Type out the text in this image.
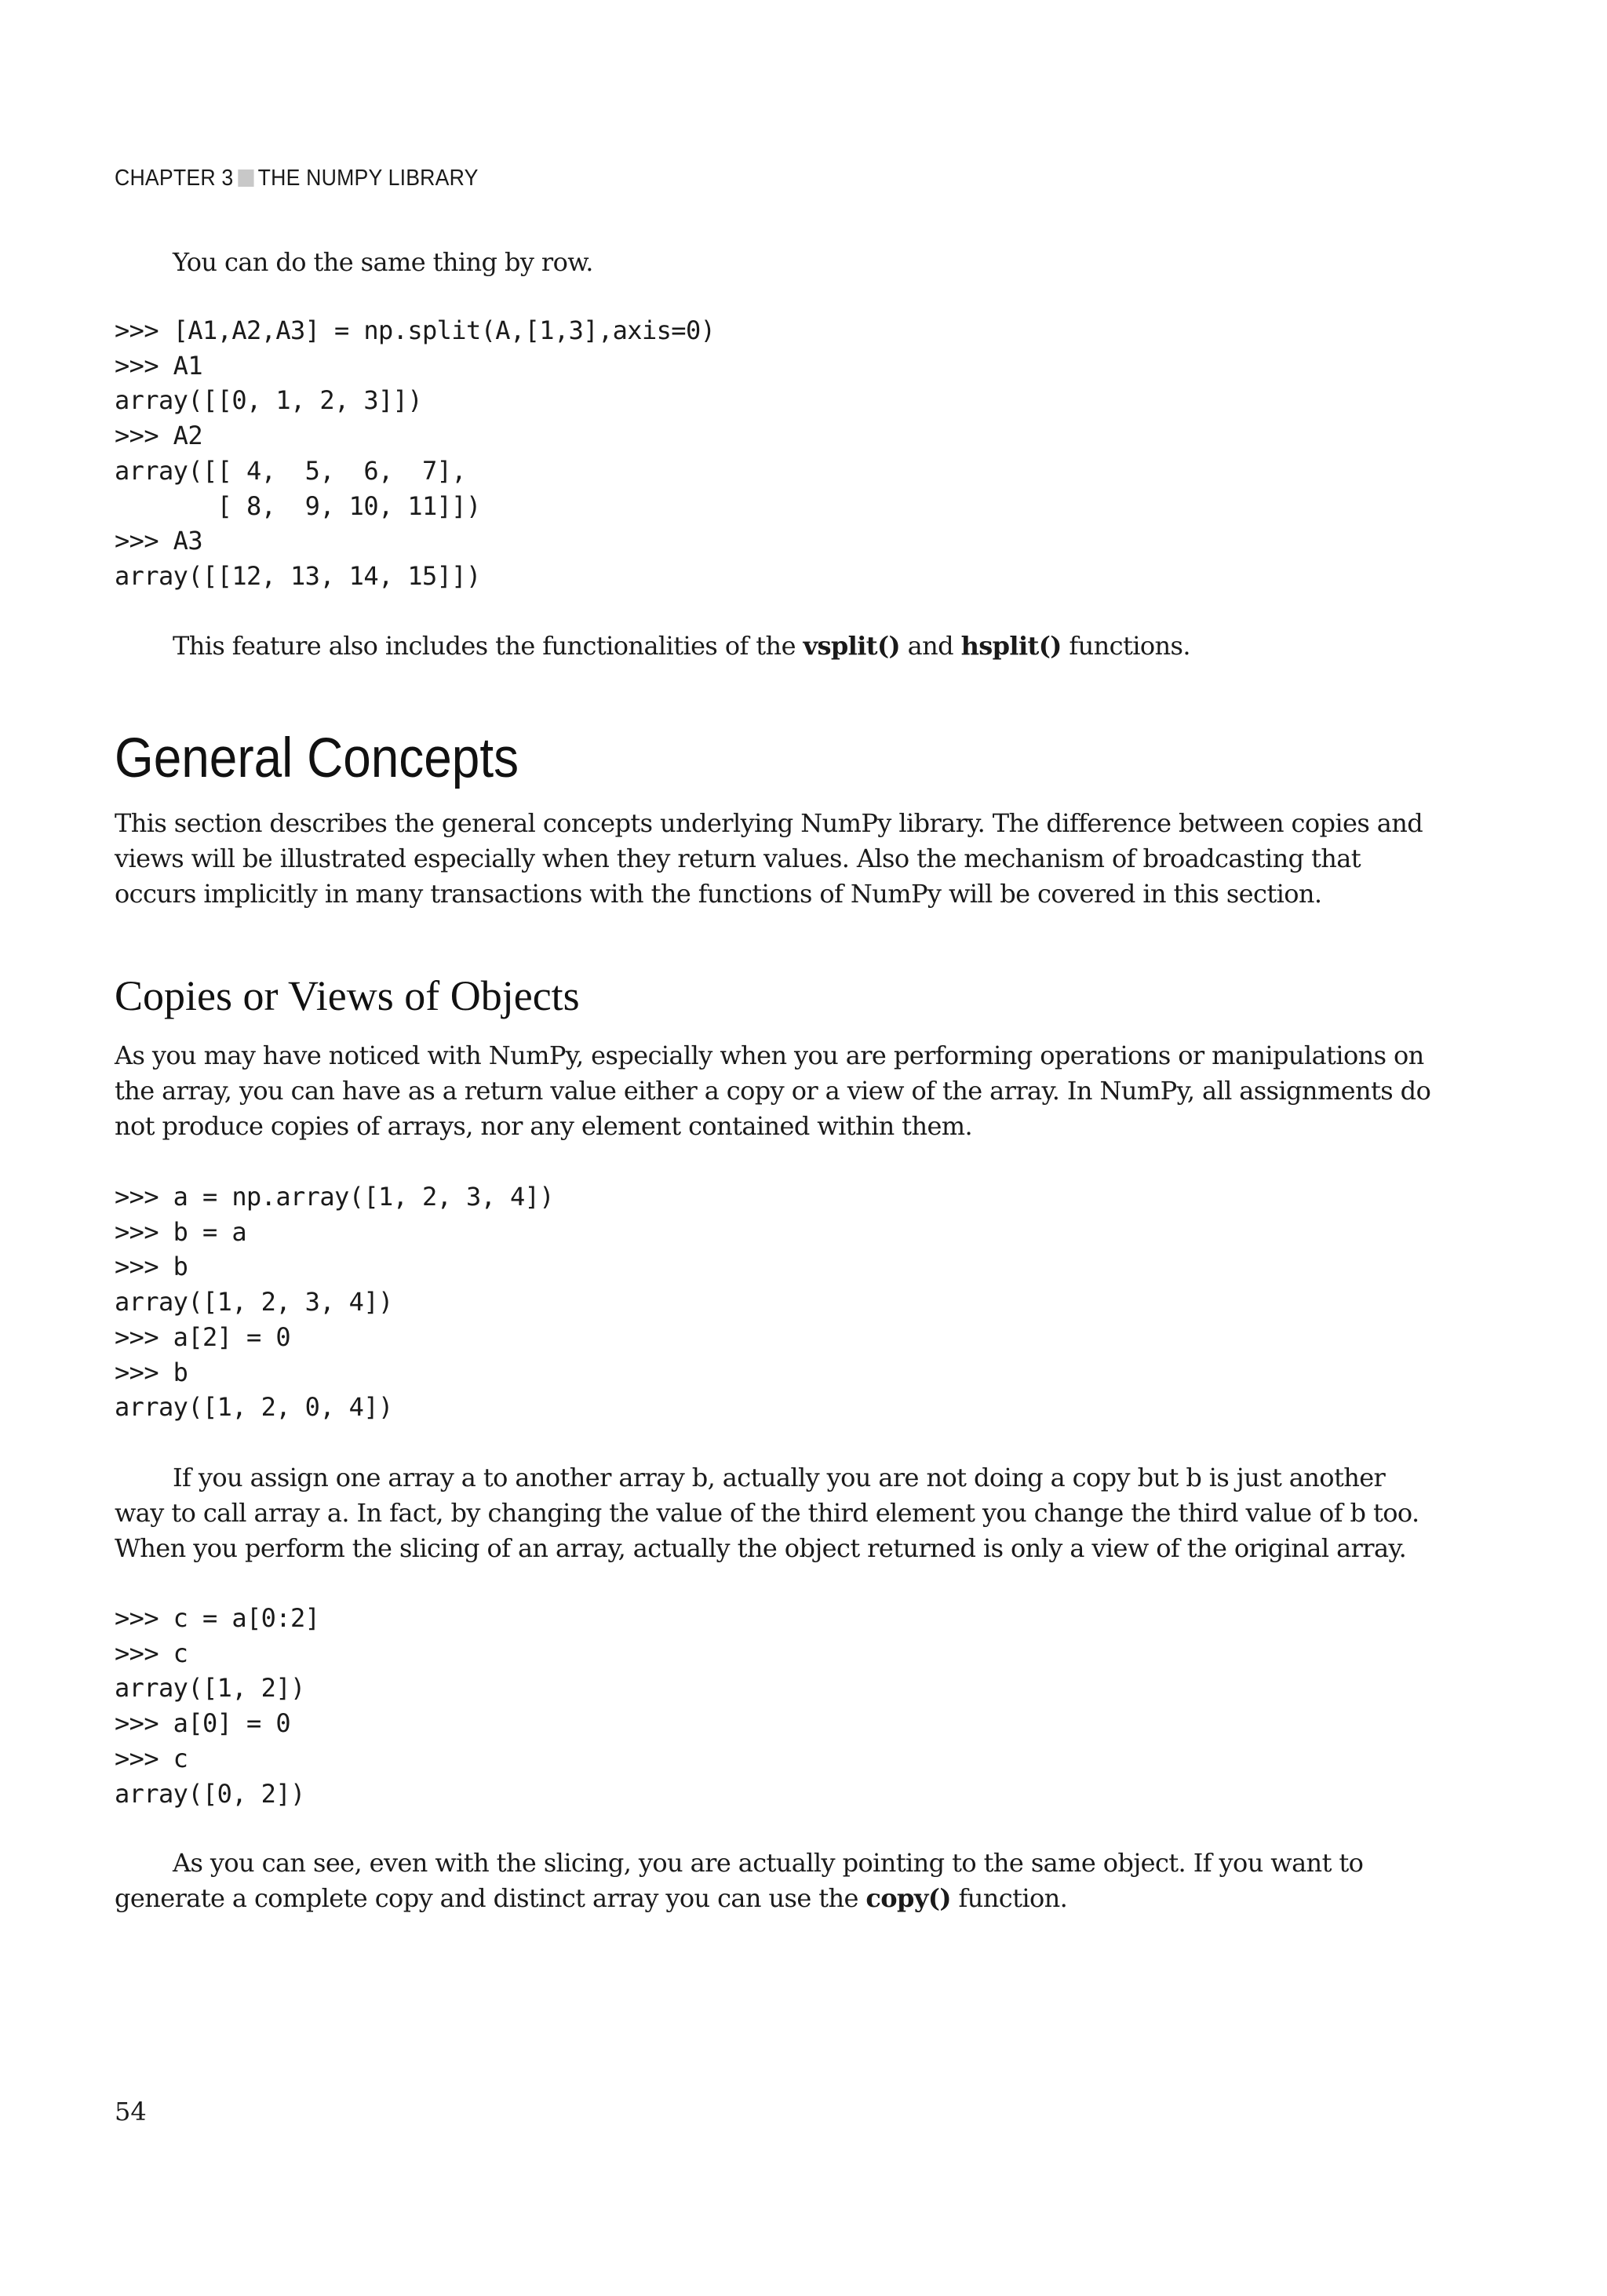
CHAPTER 3 THE NUMPY LIBRARY

You can do the same thing by row.

>>> [A1,A2,A3] = np.split(A,[1,3],axis=0)
>>> A1
array([[0, 1, 2, 3]])
>>> A2
array([[ 4,  5,  6,  7],
[ 8,  9, 10, 11]])
>>> A3
array([[12, 13, 14, 15]])

This feature also includes the functionalities of the vsplit() and hsplit() functions.

General Concepts

This section describes the general concepts underlying NumPy library. The difference between copies and views will be illustrated especially when they return values. Also the mechanism of broadcasting that occurs implicitly in many transactions with the functions of NumPy will be covered in this section.

Copies or Views of Objects

As you may have noticed with NumPy, especially when you are performing operations or manipulations on the array, you can have as a return value either a copy or a view of the array. In NumPy, all assignments do not produce copies of arrays, nor any element contained within them.

>>> a = np.array([1, 2, 3, 4])
>>> b = a
>>> b
array([1, 2, 3, 4])
>>> a[2] = 0
>>> b
array([1, 2, 0, 4])

If you assign one array a to another array b, actually you are not doing a copy but b is just another way to call array a. In fact, by changing the value of the third element you change the third value of b too. When you perform the slicing of an array, actually the object returned is only a view of the original array.

>>> c = a[0:2]
>>> c
array([1, 2])
>>> a[0] = 0
>>> c
array([0, 2])

As you can see, even with the slicing, you are actually pointing to the same object. If you want to generate a complete copy and distinct array you can use the copy() function.

54
